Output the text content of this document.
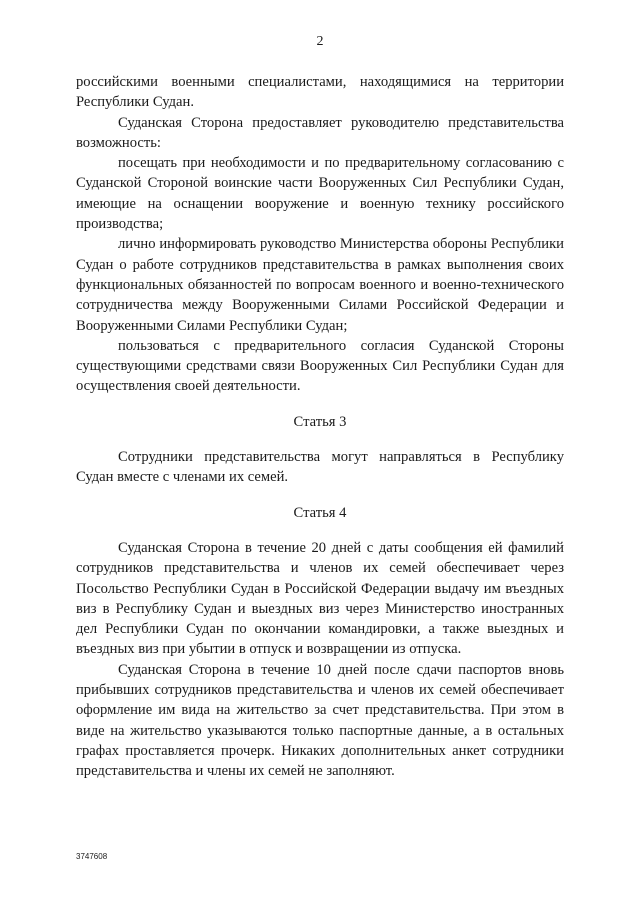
2

российскими военными специалистами, находящимися на территории Республики Судан.

Суданская Сторона предоставляет руководителю представительства возможность:

посещать при необходимости и по предварительному согласованию с Суданской Стороной воинские части Вооруженных Сил Республики Судан, имеющие на оснащении вооружение и военную технику российского производства;

лично информировать руководство Министерства обороны Республики Судан о работе сотрудников представительства в рамках выполнения своих функциональных обязанностей по вопросам военного и военно-технического сотрудничества между Вооруженными Силами Российской Федерации и Вооруженными Силами Республики Судан;

пользоваться с предварительного согласия Суданской Стороны существующими средствами связи Вооруженных Сил Республики Судан для осуществления своей деятельности.

Статья 3

Сотрудники представительства могут направляться в Республику Судан вместе с членами их семей.

Статья 4

Суданская Сторона в течение 20 дней с даты сообщения ей фамилий сотрудников представительства и членов их семей обеспечивает через Посольство Республики Судан в Российской Федерации выдачу им въездных виз в Республику Судан и выездных виз через Министерство иностранных дел Республики Судан по окончании командировки, а также выездных и въездных виз при убытии в отпуск и возвращении из отпуска.

Суданская Сторона в течение 10 дней после сдачи паспортов вновь прибывших сотрудников представительства и членов их семей обеспечивает оформление им вида на жительство за счет представительства. При этом в виде на жительство указываются только паспортные данные, а в остальных графах проставляется прочерк. Никаких дополнительных анкет сотрудники представительства и члены их семей не заполняют.

3747608
